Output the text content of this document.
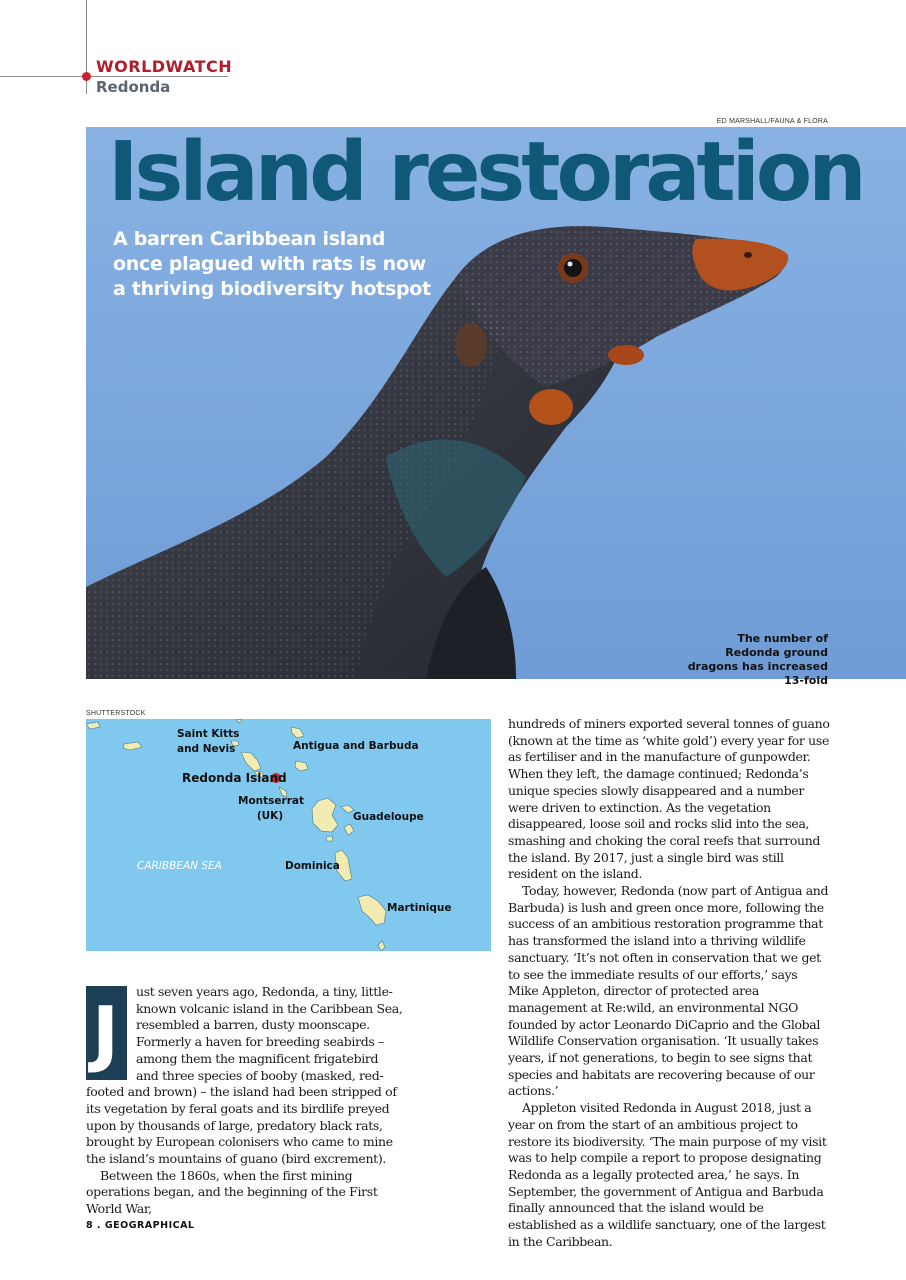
WORLDWATCH
Redonda
ED MARSHALL/FAUNA & FLORA
Island restoration
A barren Caribbean island once plagued with rats is now a thriving biodiversity hotspot
The number of Redonda ground dragons has increased 13-fold
SHUTTERSTOCK
Saint Kitts
and Nevis	Antigua and Barbuda
Redonda Island
Montserrat
(UK)	Guadeloupe
CARIBBEAN SEA	Dominica
Martinique
J	ust seven years ago, Redonda, a tiny, little-known volcanic island in the Caribbean Sea, resembled a barren, dusty moonscape. Formerly a haven for breeding seabirds – among them the magnificent frigatebird and three species of booby (masked, red-footed and brown) – the island had been stripped of its vegetation by feral goats and its birdlife preyed upon by thousands of large, predatory black rats, brought by European colonisers who came to mine the island’s mountains of guano (bird excrement).

Between the 1860s, when the first mining operations began, and the beginning of the First World War,

hundreds of miners exported several tonnes of guano (known at the time as ‘white gold’) every year for use as fertiliser and in the manufacture of gunpowder. When they left, the damage continued; Redonda’s unique species slowly disappeared and a number were driven to extinction. As the vegetation disappeared, loose soil and rocks slid into the sea, smashing and choking the coral reefs that surround the island. By 2017, just a single bird was still resident on the island.

Today, however, Redonda (now part of Antigua and Barbuda) is lush and green once more, following the success of an ambitious restoration programme that has transformed the island into a thriving wildlife sanctuary. ‘It’s not often in conservation that we get to see the immediate results of our efforts,’ says Mike Appleton, director of protected area management at Re:wild, an environmental NGO founded by actor Leonardo DiCaprio and the Global Wildlife Conservation organisation. ‘It usually takes years, if not generations, to begin to see signs that species and habitats are recovering because of our actions.’

Appleton visited Redonda in August 2018, just a year on from the start of an ambitious project to restore its biodiversity. ‘The main purpose of my visit was to help compile a report to propose designating Redonda as a legally protected area,’ he says. In September, the government of Antigua and Barbuda finally announced that the island would be established as a wildlife sanctuary, one of the largest in the Caribbean.

8 . GEOGRAPHICAL
